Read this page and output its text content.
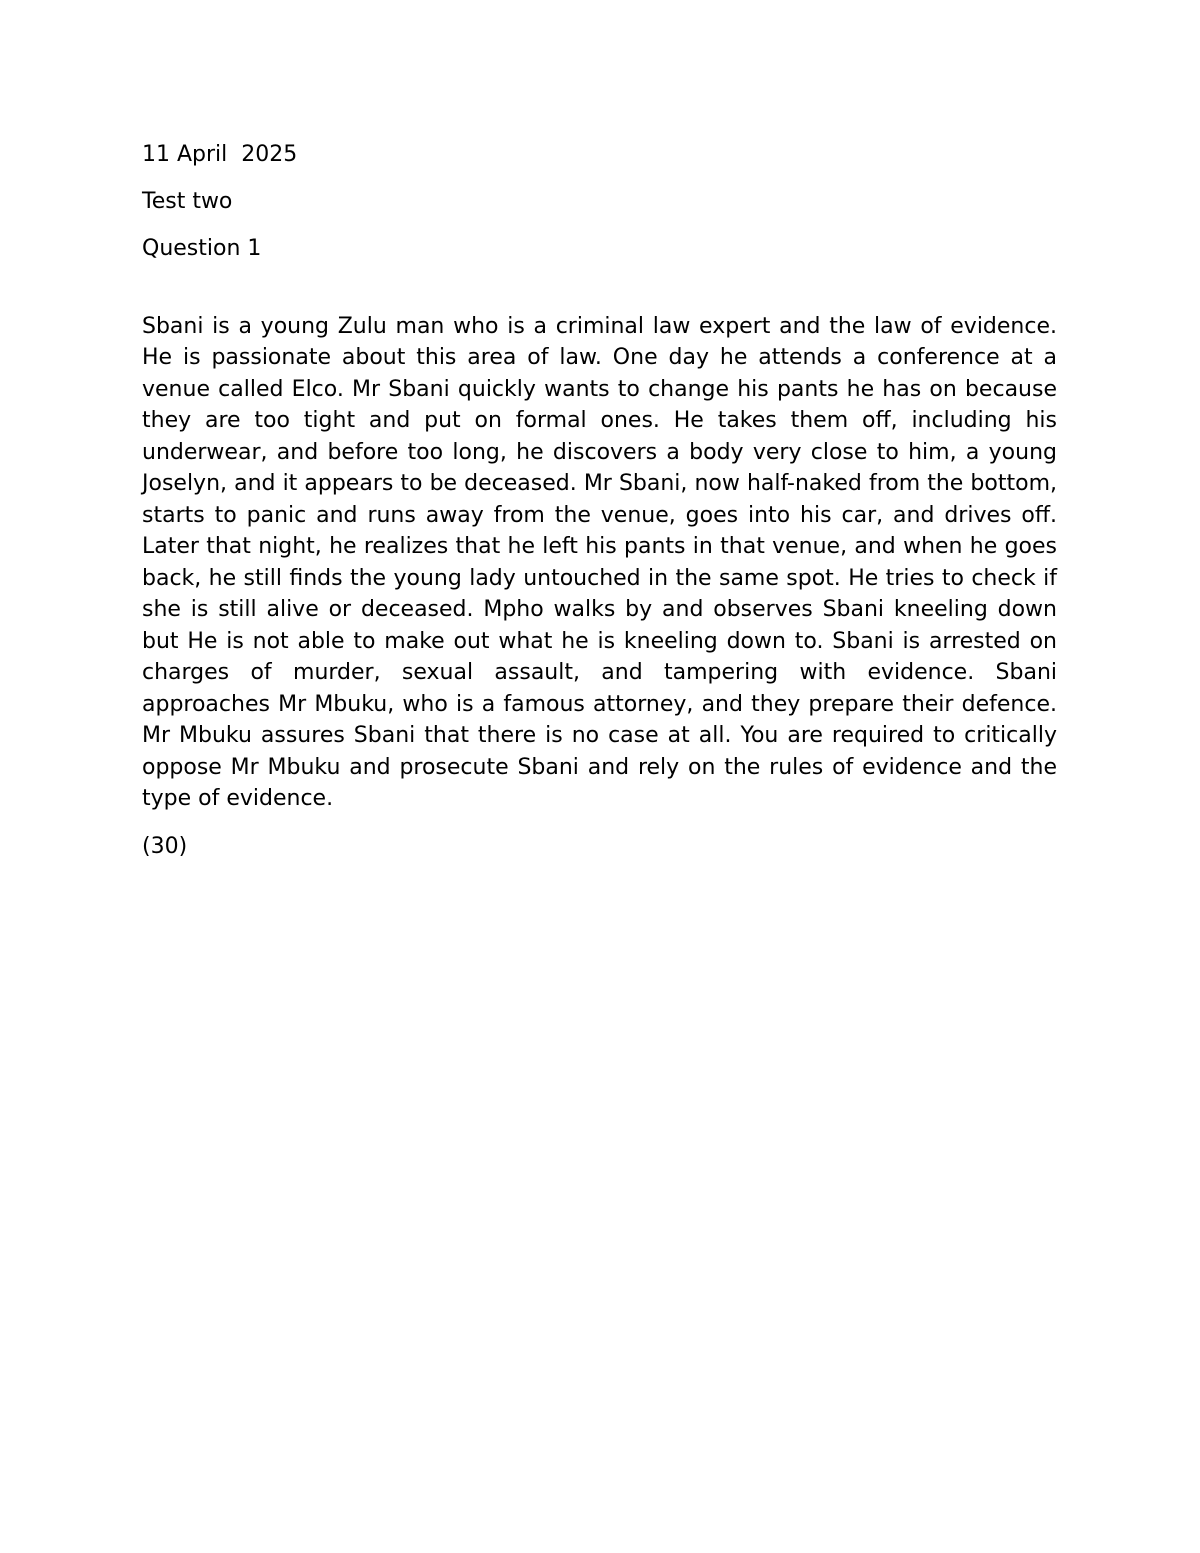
11 April  2025

Test two

Question 1

Sbani is a young Zulu man who is a criminal law expert and the law of evidence. He is passionate about this area of law. One day he attends a conference at a venue called Elco. Mr Sbani quickly wants to change his pants he has on because they are too tight and put on formal ones. He takes them off, including his underwear, and before too long, he discovers a body very close to him, a young Joselyn, and it appears to be deceased. Mr Sbani, now half-naked from the bottom, starts to panic and runs away from the venue, goes into his car, and drives off. Later that night, he realizes that he left his pants in that venue, and when he goes back, he still finds the young lady untouched in the same spot. He tries to check if she is still alive or deceased. Mpho walks by and observes Sbani kneeling down but He is not able to make out what he is kneeling down to. Sbani is arrested on charges of murder, sexual assault, and tampering with evidence. Sbani approaches Mr Mbuku, who is a famous attorney, and they prepare their defence. Mr Mbuku assures Sbani that there is no case at all. You are required to critically oppose Mr Mbuku and prosecute Sbani and rely on the rules of evidence and the type of evidence.

(30)
